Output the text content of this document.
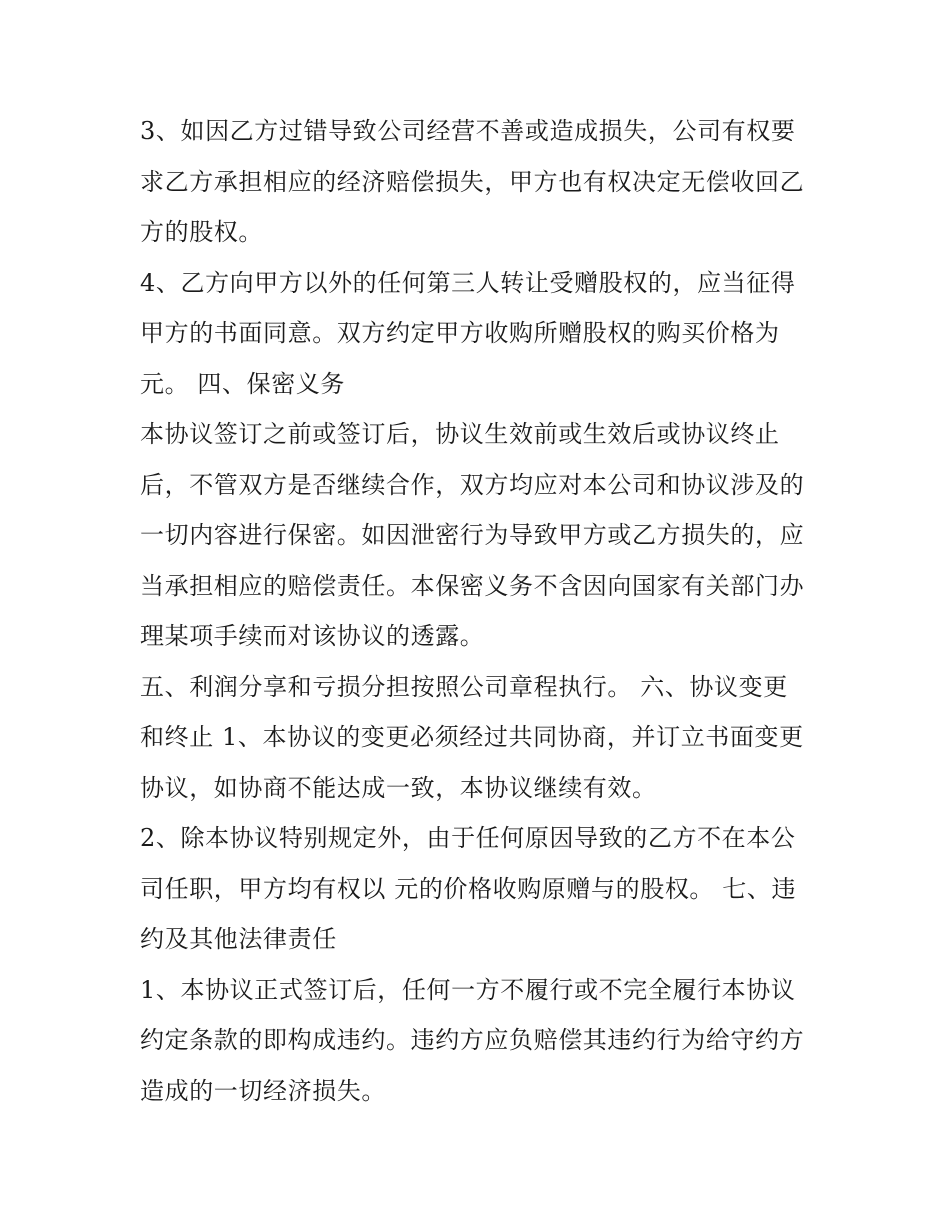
3、如因乙方过错导致公司经营不善或造成损失，公司有权要
求乙方承担相应的经济赔偿损失，甲方也有权决定无偿收回乙
方的股权。
4、乙方向甲方以外的任何第三人转让受赠股权的，应当征得
甲方的书面同意。双方约定甲方收购所赠股权的购买价格为
元。 四、保密义务
本协议签订之前或签订后，协议生效前或生效后或协议终止
后，不管双方是否继续合作，双方均应对本公司和协议涉及的
一切内容进行保密。如因泄密行为导致甲方或乙方损失的，应
当承担相应的赔偿责任。本保密义务不含因向国家有关部门办
理某项手续而对该协议的透露。
五、利润分享和亏损分担按照公司章程执行。 六、协议变更
和终止 1、本协议的变更必须经过共同协商，并订立书面变更
协议，如协商不能达成一致，本协议继续有效。
2、除本协议特别规定外，由于任何原因导致的乙方不在本公
司任职，甲方均有权以 元的价格收购原赠与的股权。 七、违
约及其他法律责任
1、本协议正式签订后，任何一方不履行或不完全履行本协议
约定条款的即构成违约。违约方应负赔偿其违约行为给守约方
造成的一切经济损失。
